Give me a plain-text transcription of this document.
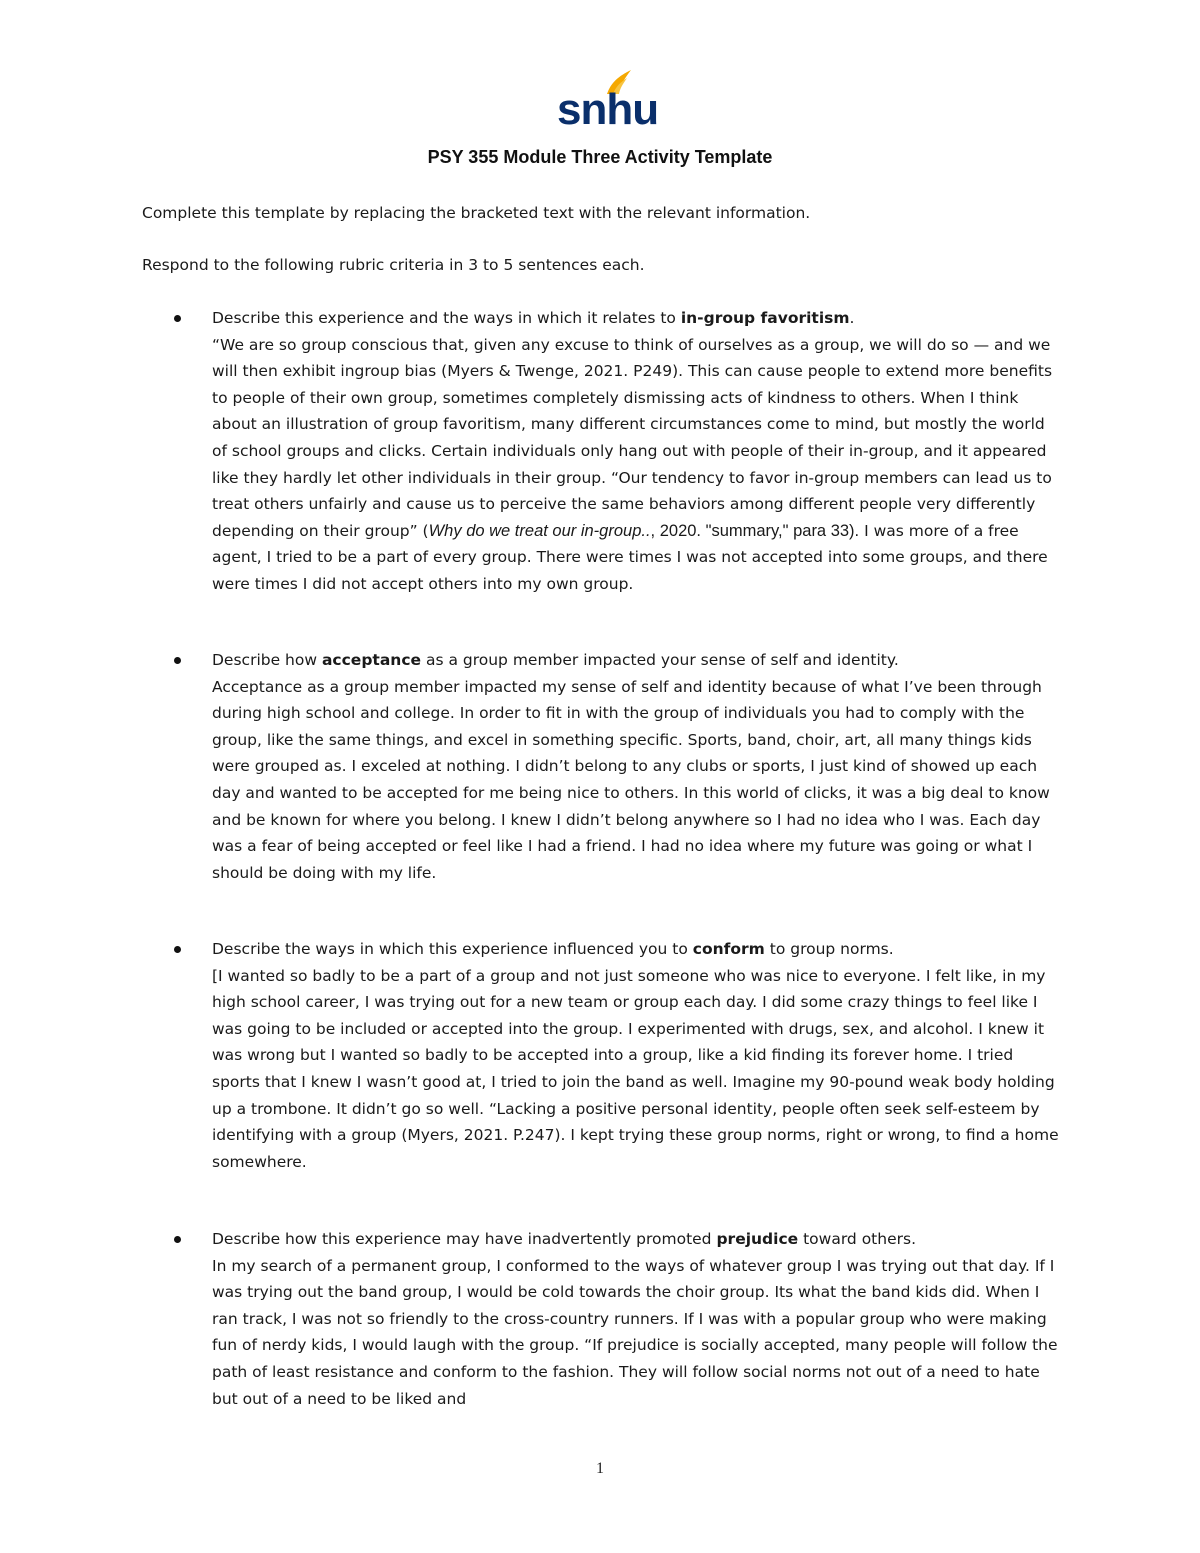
snhu
PSY 355 Module Three Activity Template

Complete this template by replacing the bracketed text with the relevant information.

Respond to the following rubric criteria in 3 to 5 sentences each.

Describe this experience and the ways in which it relates to in-group favoritism.
“We are so group conscious that, given any excuse to think of ourselves as a group, we will do so — and we will then exhibit ingroup bias (Myers & Twenge, 2021. P249). This can cause people to extend more benefits to people of their own group, sometimes completely dismissing acts of kindness to others. When I think about an illustration of group favoritism, many different circumstances come to mind, but mostly the world of school groups and clicks. Certain individuals only hang out with people of their in-group, and it appeared like they hardly let other individuals in their group. “Our tendency to favor in-group members can lead us to treat others unfairly and cause us to perceive the same behaviors among different people very differently depending on their group” (Why do we treat our in-group.., 2020. "summary," para 33). I was more of a free agent, I tried to be a part of every group. There were times I was not accepted into some groups, and there were times I did not accept others into my own group.
Describe how acceptance as a group member impacted your sense of self and identity.
Acceptance as a group member impacted my sense of self and identity because of what I’ve been through during high school and college. In order to fit in with the group of individuals you had to comply with the group, like the same things, and excel in something specific. Sports, band, choir, art, all many things kids were grouped as. I exceled at nothing. I didn’t belong to any clubs or sports, I just kind of showed up each day and wanted to be accepted for me being nice to others. In this world of clicks, it was a big deal to know and be known for where you belong. I knew I didn’t belong anywhere so I had no idea who I was. Each day was a fear of being accepted or feel like I had a friend. I had no idea where my future was going or what I should be doing with my life.
Describe the ways in which this experience influenced you to conform to group norms.
[I wanted so badly to be a part of a group and not just someone who was nice to everyone. I felt like, in my high school career, I was trying out for a new team or group each day. I did some crazy things to feel like I was going to be included or accepted into the group. I experimented with drugs, sex, and alcohol. I knew it was wrong but I wanted so badly to be accepted into a group, like a kid finding its forever home. I tried sports that I knew I wasn’t good at, I tried to join the band as well. Imagine my 90-pound weak body holding up a trombone. It didn’t go so well. “Lacking a positive personal identity, people often seek self-esteem by identifying with a group (Myers, 2021. P.247). I kept trying these group norms, right or wrong, to find a home somewhere.
Describe how this experience may have inadvertently promoted prejudice toward others.
In my search of a permanent group, I conformed to the ways of whatever group I was trying out that day. If I was trying out the band group, I would be cold towards the choir group. Its what the band kids did. When I ran track, I was not so friendly to the cross-country runners. If I was with a popular group who were making fun of nerdy kids, I would laugh with the group. “If prejudice is socially accepted, many people will follow the path of least resistance and conform to the fashion. They will follow social norms not out of a need to hate but out of a need to be liked and
1
